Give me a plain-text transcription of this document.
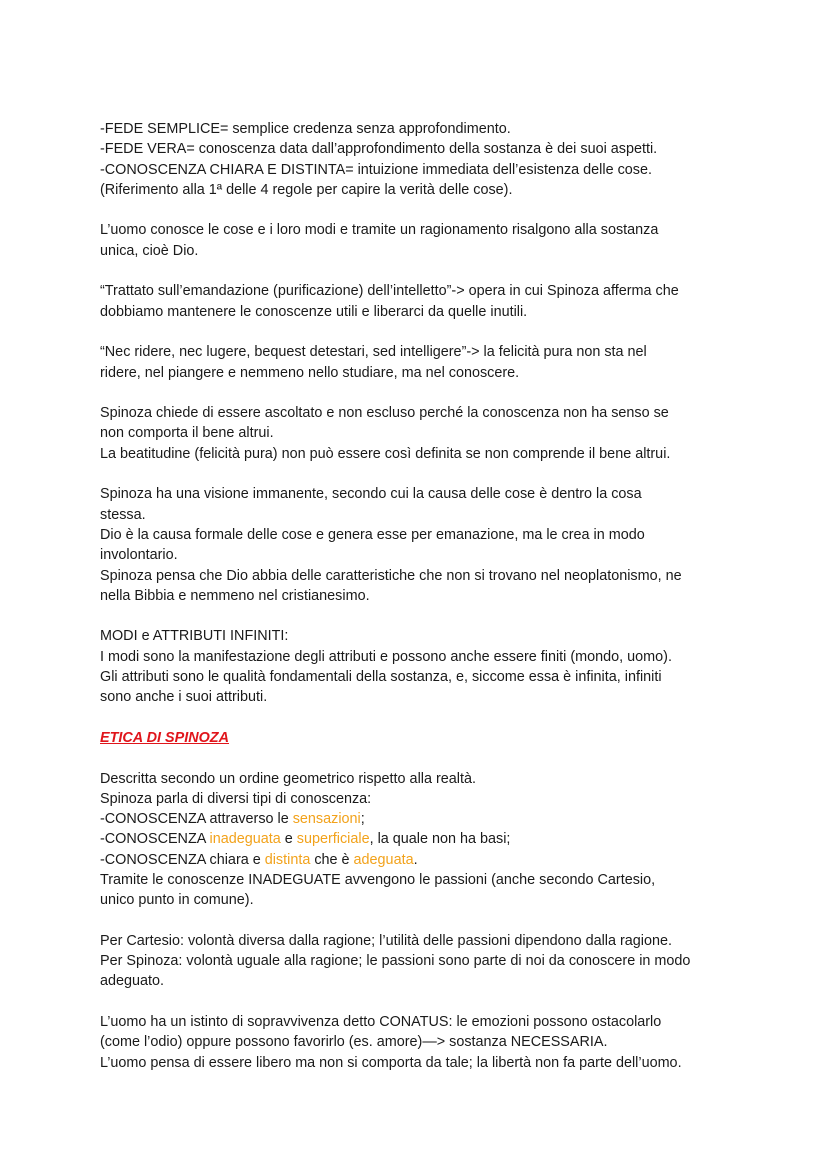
-FEDE SEMPLICE= semplice credenza senza approfondimento.
-FEDE VERA= conoscenza data dall’approfondimento della sostanza è dei suoi aspetti.
-CONOSCENZA CHIARA E DISTINTA= intuizione immediata dell’esistenza delle cose.
(Riferimento alla 1ª delle 4 regole per capire la verità delle cose).
L’uomo conosce le cose e i loro modi e tramite un ragionamento risalgono alla sostanza
unica, cioè Dio.
“Trattato sull’emandazione (purificazione) dell’intelletto”-> opera in cui Spinoza afferma che
dobbiamo mantenere le conoscenze utili e liberarci da quelle inutili.
“Nec ridere, nec lugere, bequest detestari, sed intelligere”-> la felicità pura non sta nel
ridere, nel piangere e nemmeno nello studiare, ma nel conoscere.
Spinoza chiede di essere ascoltato e non escluso perché la conoscenza non ha senso se
non comporta il bene altrui.
La beatitudine (felicità pura) non può essere così definita se non comprende il bene altrui.
Spinoza ha una visione immanente, secondo cui la causa delle cose è dentro la cosa
stessa.
Dio è la causa formale delle cose e genera esse per emanazione, ma le crea in modo
involontario.
Spinoza pensa che Dio abbia delle caratteristiche che non si trovano nel neoplatonismo, ne
nella Bibbia e nemmeno nel cristianesimo.
MODI e ATTRIBUTI INFINITI:
I modi sono la manifestazione degli attributi e possono anche essere finiti (mondo, uomo).
Gli attributi sono le qualità fondamentali della sostanza, e, siccome essa è infinita, infiniti
sono anche i suoi attributi.
ETICA DI SPINOZA
Descritta secondo un ordine geometrico rispetto alla realtà.
Spinoza parla di diversi tipi di conoscenza:
-CONOSCENZA attraverso le sensazioni;
-CONOSCENZA inadeguata e superficiale, la quale non ha basi;
-CONOSCENZA chiara e distinta che è adeguata.
Tramite le conoscenze INADEGUATE avvengono le passioni (anche secondo Cartesio,
unico punto in comune).
Per Cartesio: volontà diversa dalla ragione; l’utilità delle passioni dipendono dalla ragione.
Per Spinoza: volontà uguale alla ragione; le passioni sono parte di noi da conoscere in modo
adeguato.
L’uomo ha un istinto di sopravvivenza detto CONATUS: le emozioni possono ostacolarlo
(come l’odio) oppure possono favorirlo (es. amore)—> sostanza NECESSARIA.
L’uomo pensa di essere libero ma non si comporta da tale; la libertà non fa parte dell’uomo.
